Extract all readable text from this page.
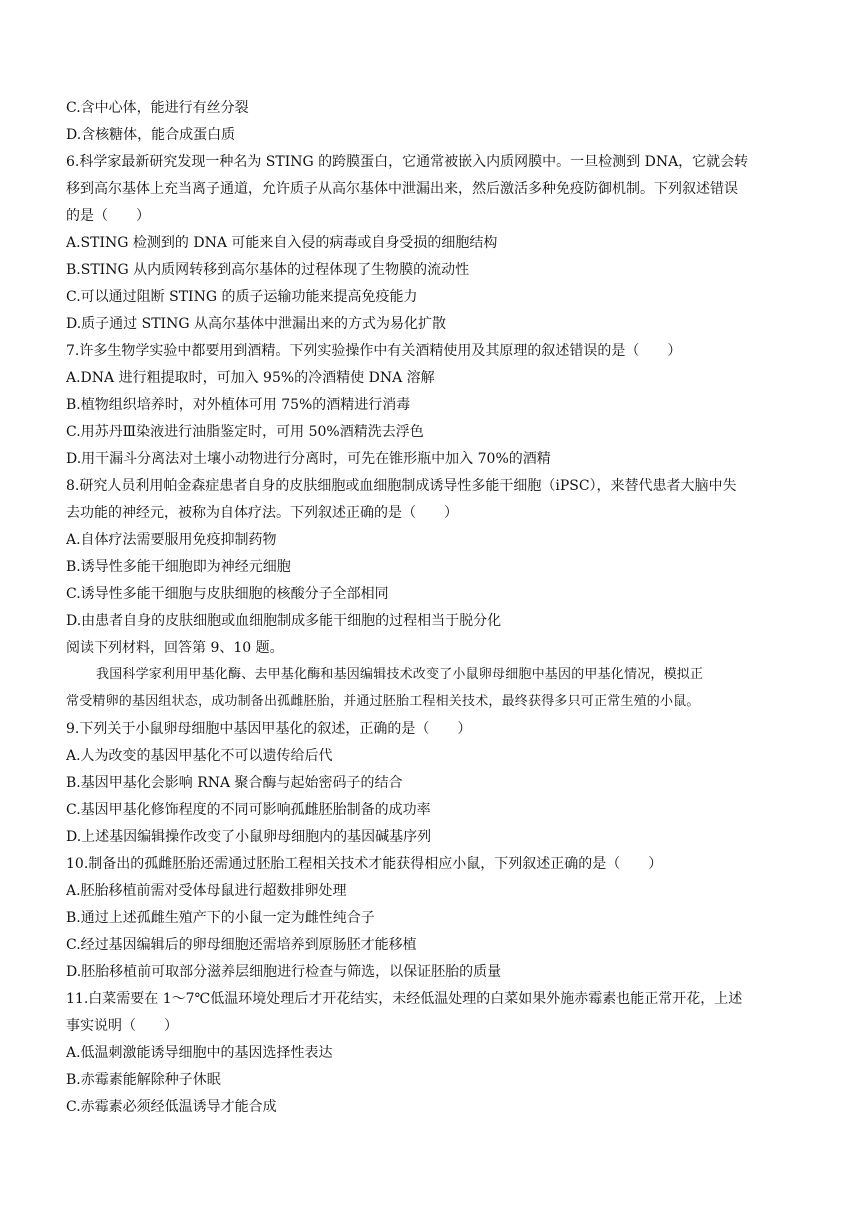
C.含中心体，能进行有丝分裂
D.含核糖体，能合成蛋白质
6.科学家最新研究发现一种名为 STING 的跨膜蛋白，它通常被嵌入内质网膜中。一旦检测到 DNA，它就会转
移到高尔基体上充当离子通道，允许质子从高尔基体中泄漏出来，然后激活多种免疫防御机制。下列叙述错误
的是（　　）
A.STING 检测到的 DNA 可能来自入侵的病毒或自身受损的细胞结构
B.STING 从内质网转移到高尔基体的过程体现了生物膜的流动性
C.可以通过阻断 STING 的质子运输功能来提高免疫能力
D.质子通过 STING 从高尔基体中泄漏出来的方式为易化扩散
7.许多生物学实验中都要用到酒精。下列实验操作中有关酒精使用及其原理的叙述错误的是（　　）
A.DNA 进行粗提取时，可加入 95%的冷酒精使 DNA 溶解
B.植物组织培养时，对外植体可用 75%的酒精进行消毒
C.用苏丹Ⅲ染液进行油脂鉴定时，可用 50%酒精洗去浮色
D.用干漏斗分离法对土壤小动物进行分离时，可先在锥形瓶中加入 70%的酒精
8.研究人员利用帕金森症患者自身的皮肤细胞或血细胞制成诱导性多能干细胞（iPSC），来替代患者大脑中失
去功能的神经元，被称为自体疗法。下列叙述正确的是（　　）
A.自体疗法需要服用免疫抑制药物
B.诱导性多能干细胞即为神经元细胞
C.诱导性多能干细胞与皮肤细胞的核酸分子全部相同
D.由患者自身的皮肤细胞或血细胞制成多能干细胞的过程相当于脱分化
阅读下列材料，回答第 9、10 题。
我国科学家利用甲基化酶、去甲基化酶和基因编辑技术改变了小鼠卵母细胞中基因的甲基化情况，模拟正
常受精卵的基因组状态，成功制备出孤雌胚胎，并通过胚胎工程相关技术，最终获得多只可正常生殖的小鼠。
9.下列关于小鼠卵母细胞中基因甲基化的叙述，正确的是（　　）
A.人为改变的基因甲基化不可以遗传给后代
B.基因甲基化会影响 RNA 聚合酶与起始密码子的结合
C.基因甲基化修饰程度的不同可影响孤雌胚胎制备的成功率
D.上述基因编辑操作改变了小鼠卵母细胞内的基因碱基序列
10.制备出的孤雌胚胎还需通过胚胎工程相关技术才能获得相应小鼠，下列叙述正确的是（　　）
A.胚胎移植前需对受体母鼠进行超数排卵处理
B.通过上述孤雌生殖产下的小鼠一定为雌性纯合子
C.经过基因编辑后的卵母细胞还需培养到原肠胚才能移植
D.胚胎移植前可取部分滋养层细胞进行检查与筛选，以保证胚胎的质量
11.白菜需要在 1～7℃低温环境处理后才开花结实，未经低温处理的白菜如果外施赤霉素也能正常开花，上述
事实说明（　　）
A.低温刺激能诱导细胞中的基因选择性表达
B.赤霉素能解除种子休眠
C.赤霉素必须经低温诱导才能合成
